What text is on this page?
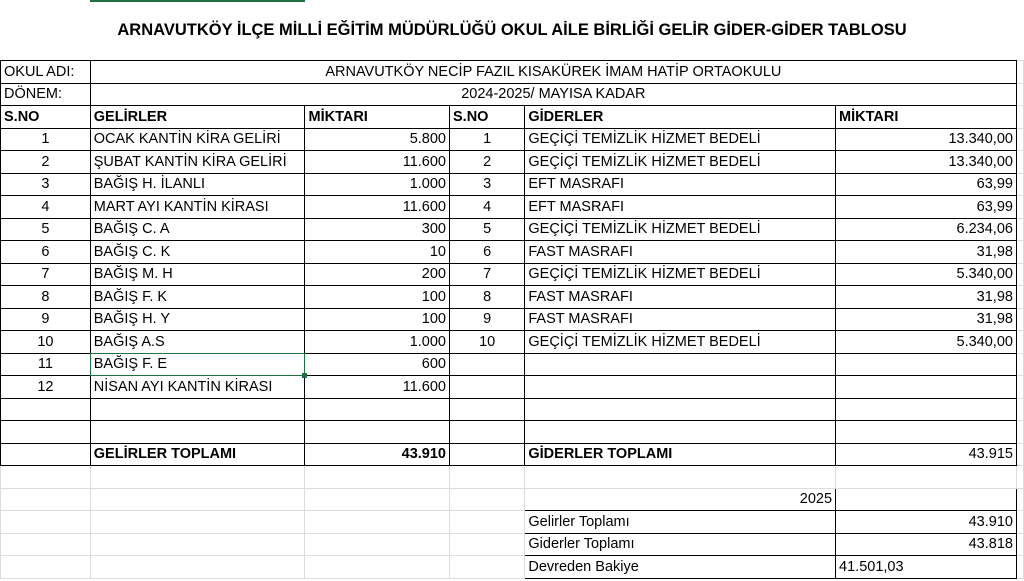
ARNAVUTKÖY İLÇE MİLLİ EĞİTİM MÜDÜRLÜĞÜ OKUL AİLE BİRLİĞİ GELİR GİDER-GİDER TABLOSU
OKUL ADI:	ARNAVUTKÖY NECİP FAZIL KISAKÜREK İMAM HATİP ORTAOKULU					
DÖNEM:	2024-2025/ MAYISA KADAR					
S.NO	GELİRLER	MİKTARI	S.NO	GİDERLER	MİKTARI	
1	OCAK KANTİN KİRA GELİRİ	5.800	1	GEÇİÇİ TEMİZLİK HİZMET BEDELİ	13.340,00	
2	ŞUBAT KANTİN KİRA GELİRİ	11.600	2	GEÇİÇİ TEMİZLİK HİZMET BEDELİ	13.340,00	
3	BAĞIŞ H. İLANLI	1.000	3	EFT MASRAFI	63,99	
4	MART AYI KANTİN KİRASI	11.600	4	EFT MASRAFI	63,99	
5	BAĞIŞ C. A	300	5	GEÇİÇİ TEMİZLİK HİZMET BEDELİ	6.234,06	
6	BAĞIŞ C. K	10	6	FAST MASRAFI	31,98	
7	BAĞIŞ M. H	200	7	GEÇİÇİ TEMİZLİK HİZMET BEDELİ	5.340,00	
8	BAĞIŞ F. K	100	8	FAST MASRAFI	31,98	
9	BAĞIŞ H. Y	100	9	FAST MASRAFI	31,98	
10	BAĞIŞ A.S	1.000	10	GEÇİÇİ TEMİZLİK HİZMET BEDELİ	5.340,00	
11	BAĞIŞ F. E	600				
12	NİSAN AYI KANTİN KİRASI	11.600				

	GELİRLER TOPLAMI	43.910		GİDERLER TOPLAMI	43.915	

				2025		
				Gelirler Toplamı	43.910	
				Giderler Toplamı	43.818	
				Devreden Bakiye	41.501,03	
